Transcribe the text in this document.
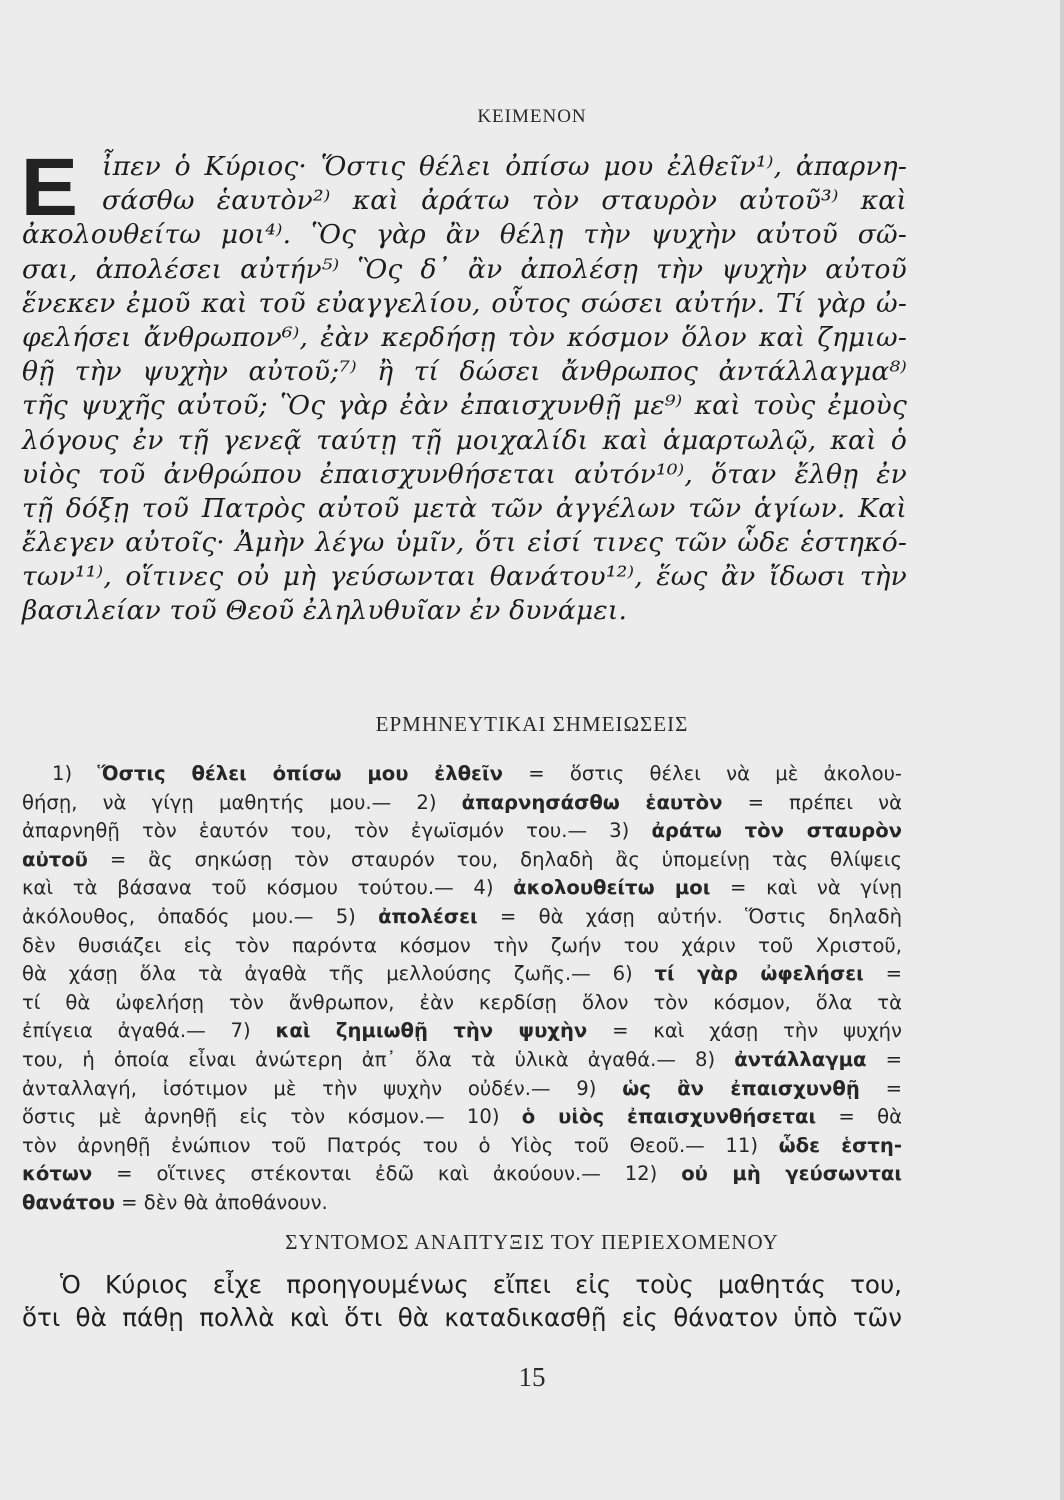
ΚΕΙΜΕΝΟΝ
Ε ἶπεν ὁ Κύριος· Ὅστις θέλει ὀπίσω μου ἐλθεῖν¹⁾, ἀπαρνη-
σάσθω ἑαυτὸν²⁾ καὶ ἀράτω τὸν σταυρὸν αὐτοῦ³⁾ καὶ
ἀκολουθείτω μοι⁴⁾. Ὃς γὰρ ἂν θέλῃ τὴν ψυχὴν αὐτοῦ σῶ-
σαι, ἀπολέσει αὐτήν⁵⁾ Ὃς δ᾿ ἂν ἀπολέσῃ τὴν ψυχὴν αὐτοῦ
ἕνεκεν ἐμοῦ καὶ τοῦ εὐαγγελίου, οὗτος σώσει αὐτήν. Τί γὰρ ὠ-
φελήσει ἄνθρωπον⁶⁾, ἐὰν κερδήσῃ τὸν κόσμον ὅλον καὶ ζημιω-
θῇ τὴν ψυχὴν αὐτοῦ;⁷⁾ ἢ τί δώσει ἄνθρωπος ἀντάλλαγμα⁸⁾
τῆς ψυχῆς αὐτοῦ; Ὃς γὰρ ἐὰν ἐπαισχυνθῇ με⁹⁾ καὶ τοὺς ἐμοὺς
λόγους ἐν τῇ γενεᾷ ταύτῃ τῇ μοιχαλίδι καὶ ἁμαρτωλῷ, καὶ ὁ
υἱὸς τοῦ ἀνθρώπου ἐπαισχυνθήσεται αὐτόν¹⁰⁾, ὅταν ἔλθῃ ἐν
τῇ δόξῃ τοῦ Πατρὸς αὐτοῦ μετὰ τῶν ἀγγέλων τῶν ἁγίων. Καὶ
ἔλεγεν αὐτοῖς· Ἀμὴν λέγω ὑμῖν, ὅτι εἰσί τινες τῶν ὧδε ἑστηκό-
των¹¹⁾, οἵτινες οὐ μὴ γεύσωνται θανάτου¹²⁾, ἕως ἂν ἴδωσι τὴν
βασιλείαν τοῦ Θεοῦ ἐληλυθυῖαν ἐν δυνάμει.
ΕΡΜΗΝΕΥΤΙΚΑΙ ΣΗΜΕΙΩΣΕΙΣ
1) Ὅστις θέλει ὀπίσω μου ἐλθεῖν = ὅστις θέλει νὰ μὲ ἀκολου-
θήσῃ, νὰ γίγῃ μαθητής μου.— 2) ἀπαρνησάσθω ἑαυτὸν = πρέπει νὰ
ἀπαρνηθῇ τὸν ἑαυτόν του, τὸν ἐγωϊσμόν του.— 3) ἀράτω τὸν σταυρὸν
αὐτοῦ = ἂς σηκώσῃ τὸν σταυρόν του, δηλαδὴ ἂς ὑπομείνῃ τὰς θλίψεις
καὶ τὰ βάσανα τοῦ κόσμου τούτου.— 4) ἀκολουθείτω μοι = καὶ νὰ γίνῃ
ἀκόλουθος, ὀπαδός μου.— 5) ἀπολέσει = θὰ χάσῃ αὐτήν. Ὅστις δηλαδὴ
δὲν θυσιάζει εἰς τὸν παρόντα κόσμον τὴν ζωήν του χάριν τοῦ Χριστοῦ,
θὰ χάσῃ ὅλα τὰ ἀγαθὰ τῆς μελλούσης ζωῆς.— 6) τί γὰρ ὠφελήσει =
τί θὰ ὠφελήσῃ τὸν ἄνθρωπον, ἐὰν κερδίσῃ ὅλον τὸν κόσμον, ὅλα τὰ
ἐπίγεια ἀγαθά.— 7) καὶ ζημιωθῇ τὴν ψυχὴν = καὶ χάσῃ τὴν ψυχήν
του, ἡ ὁποία εἶναι ἀνώτερη ἀπ᾿ ὅλα τὰ ὑλικὰ ἀγαθά.— 8) ἀντάλλαγμα =
ἀνταλλαγή, ἰσότιμον μὲ τὴν ψυχὴν οὐδέν.— 9) ὡς ἂν ἐπαισχυνθῇ =
ὅστις μὲ ἀρνηθῇ εἰς τὸν κόσμον.— 10) ὁ υἱὸς ἐπαισχυνθήσεται = θὰ
τὸν ἀρνηθῇ ἐνώπιον τοῦ Πατρός του ὁ Υἱὸς τοῦ Θεοῦ.— 11) ὧδε ἑστη-
κότων = οἵτινες στέκονται ἐδῶ καὶ ἀκούουν.— 12) οὐ μὴ γεύσωνται
θανάτου = δὲν θὰ ἀποθάνουν.
ΣΥΝΤΟΜΟΣ ΑΝΑΠΤΥΞΙΣ ΤΟΥ ΠΕΡΙΕΧΟΜΕΝΟΥ
Ὁ Κύριος εἶχε προηγουμένως εἴπει εἰς τοὺς μαθητάς του,
ὅτι θὰ πάθῃ πολλὰ καὶ ὅτι θὰ καταδικασθῇ εἰς θάνατον ὑπὸ τῶν
15
